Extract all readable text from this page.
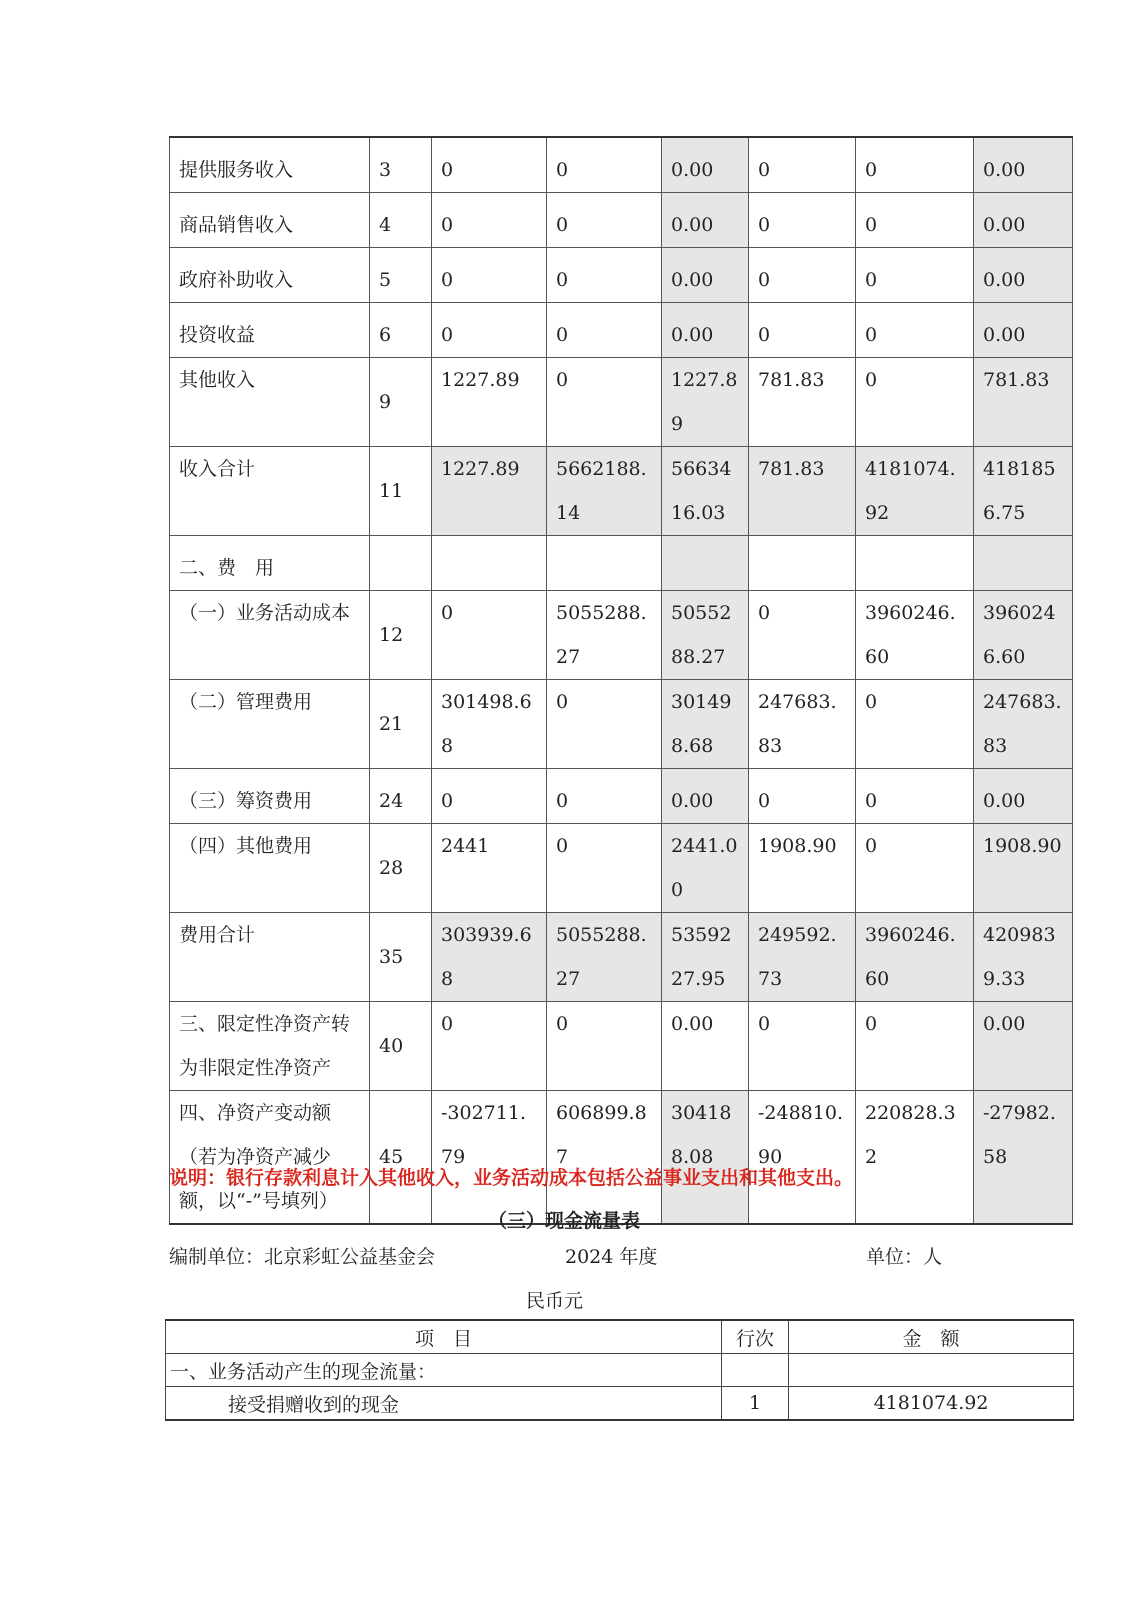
提供服务收入	3	0	0	0.00	0	0	0.00
商品销售收入	4	0	0	0.00	0	0	0.00
政府补助收入	5	0	0	0.00	0	0	0.00
投资收益	6	0	0	0.00	0	0	0.00
其他收入	9	1227.89	0	1227.89	781.83	0	781.83
收入合计	11	1227.89	5662188.14	5663416.03	781.83	4181074.92	4181856.75
二、费　用							
（一）业务活动成本	12	0	5055288.27	5055288.27	0	3960246.60	3960246.60
（二）管理费用	21	301498.68	0	301498.68	247683.83	0	247683.83
（三）筹资费用	24	0	0	0.00	0	0	0.00
（四）其他费用	28	2441	0	2441.00	1908.90	0	1908.90
费用合计	35	303939.68	5055288.27	5359227.95	249592.73	3960246.60	4209839.33
三、限定性净资产转为非限定性净资产	40	0	0	0.00	0	0	0.00
四、净资产变动额（若为净资产减少额，以“-”号填列）	45	-302711.79	606899.87	304188.08	-248810.90	220828.32	-27982.58
说明：银行存款利息计入其他收入，业务活动成本包括公益事业支出和其他支出。
（三）现金流量表
编制单位：北京彩虹公益基金会	2024 年度	单位：人
民币元
项　目	行次	金　额
一、业务活动产生的现金流量：		
接受捐赠收到的现金	1	4181074.92
